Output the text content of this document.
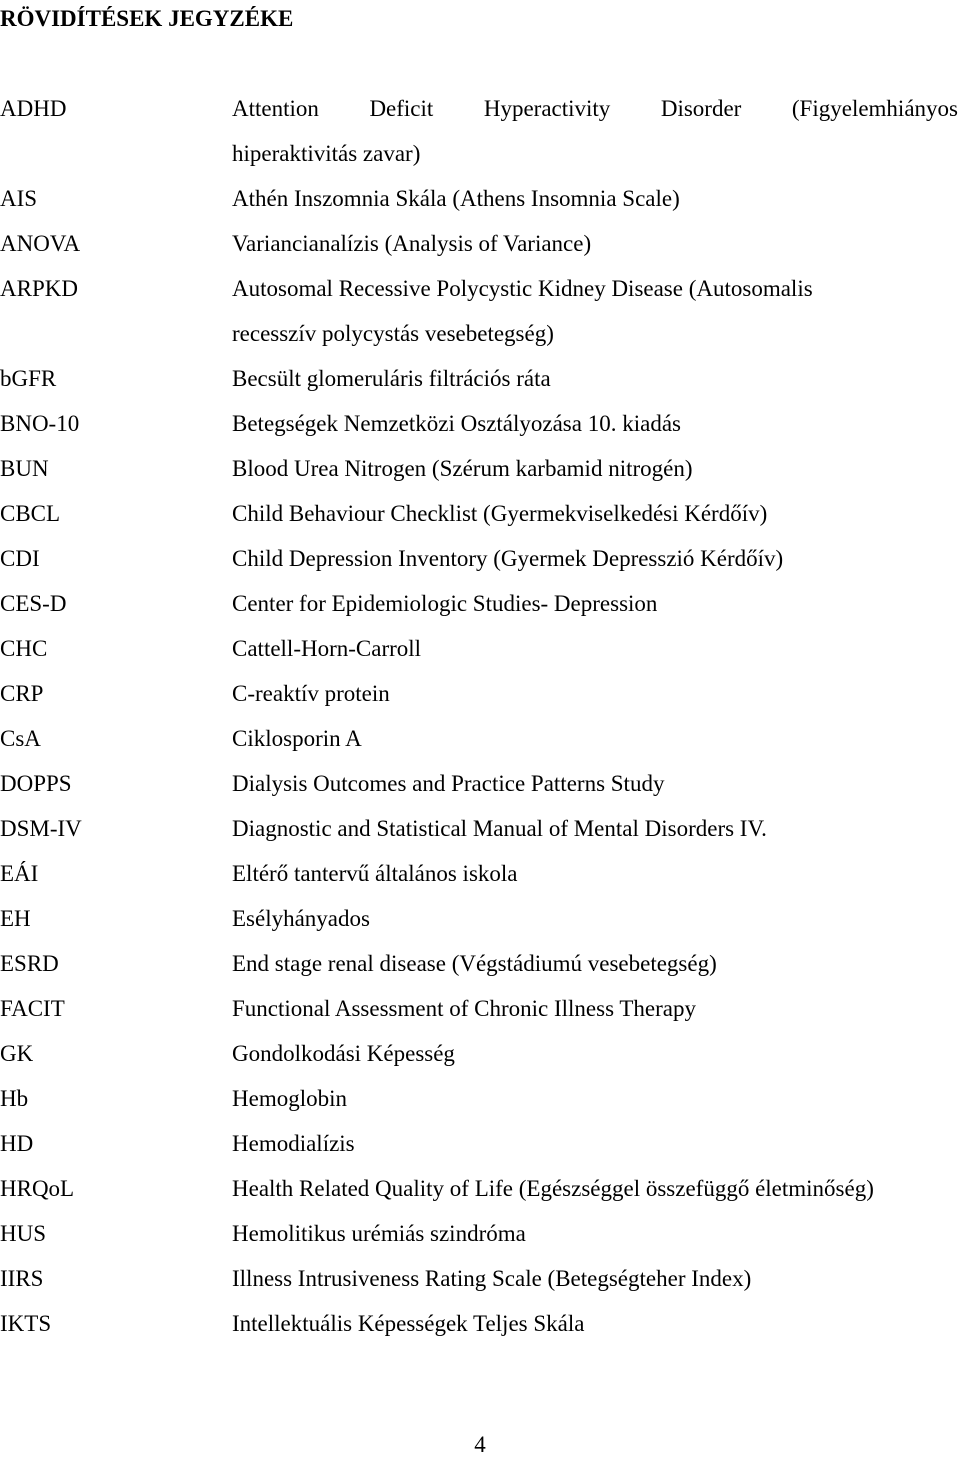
RÖVIDÍTÉSEK JEGYZÉKE
ADHD	Attention Deficit Hyperactivity Disorder (Figyelemhiányos
hiperaktivitás zavar)
AIS	Athén Inszomnia Skála (Athens Insomnia Scale)
ANOVA	Variancianalízis (Analysis of Variance)
ARPKD	Autosomal Recessive Polycystic Kidney Disease (Autosomalis
recesszív polycystás vesebetegség)
bGFR	Becsült glomeruláris filtrációs ráta
BNO-10	Betegségek Nemzetközi Osztályozása 10. kiadás
BUN	Blood Urea Nitrogen (Szérum karbamid nitrogén)
CBCL	Child Behaviour Checklist (Gyermekviselkedési Kérdőív)
CDI	Child Depression Inventory (Gyermek Depresszió Kérdőív)
CES-D	Center for Epidemiologic Studies- Depression
CHC	Cattell-Horn-Carroll
CRP	C-reaktív protein
CsA	Ciklosporin A
DOPPS	Dialysis Outcomes and Practice Patterns Study
DSM-IV	Diagnostic and Statistical Manual of Mental Disorders IV.
EÁI	Eltérő tantervű általános iskola
EH	Esélyhányados
ESRD	End stage renal disease (Végstádiumú vesebetegség)
FACIT	Functional Assessment of Chronic Illness Therapy
GK	Gondolkodási Képesség
Hb	Hemoglobin
HD	Hemodialízis
HRQoL	Health Related Quality of Life (Egészséggel összefüggő életminőség)
HUS	Hemolitikus urémiás szindróma
IIRS	Illness Intrusiveness Rating Scale (Betegségteher Index)
IKTS	Intellektuális Képességek Teljes Skála
4
